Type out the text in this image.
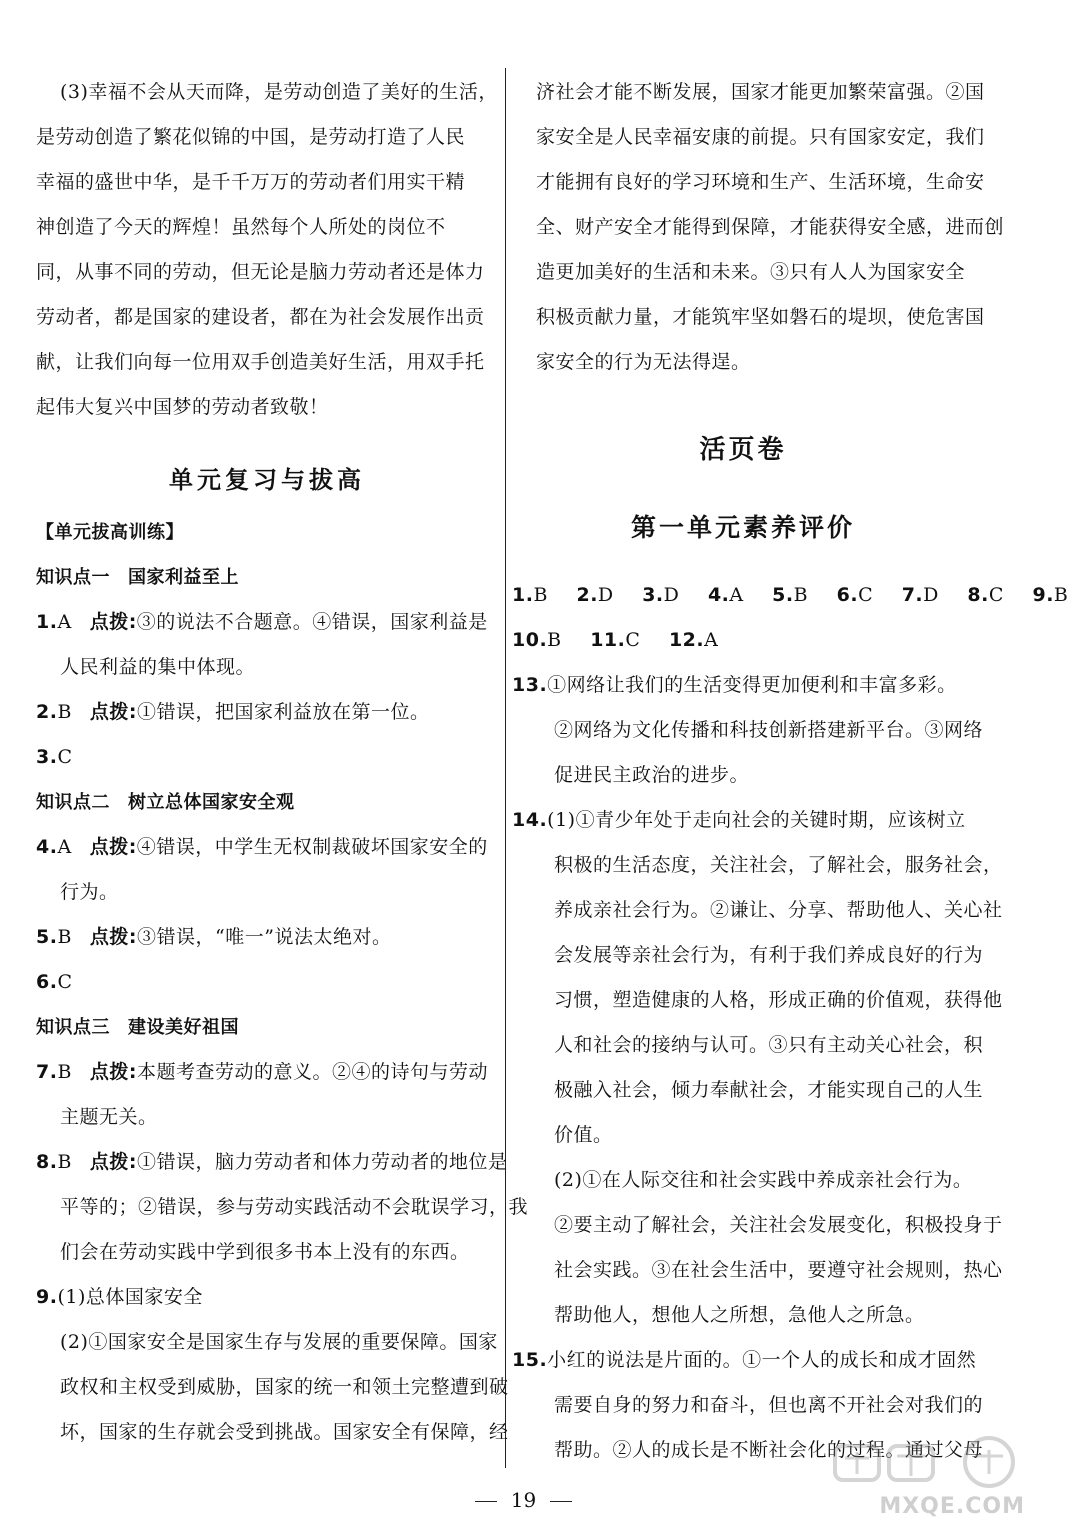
(3)幸福不会从天而降，是劳动创造了美好的生活，
是劳动创造了繁花似锦的中国，是劳动打造了人民
幸福的盛世中华，是千千万万的劳动者们用实干精
神创造了今天的辉煌！虽然每个人所处的岗位不
同，从事不同的劳动，但无论是脑力劳动者还是体力
劳动者，都是国家的建设者，都在为社会发展作出贡
献，让我们向每一位用双手创造美好生活，用双手托
起伟大复兴中国梦的劳动者致敬！
单元复习与拔高
【单元拔高训练】
知识点一 国家利益至上
1.A 点拨:③的说法不合题意。④错误，国家利益是
人民利益的集中体现。
2.B 点拨:①错误，把国家利益放在第一位。
3.C
知识点二 树立总体国家安全观
4.A 点拨:④错误，中学生无权制裁破坏国家安全的
行为。
5.B 点拨:③错误，“唯一”说法太绝对。
6.C
知识点三 建设美好祖国
7.B 点拨:本题考查劳动的意义。②④的诗句与劳动
主题无关。
8.B 点拨:①错误，脑力劳动者和体力劳动者的地位是
平等的；②错误，参与劳动实践活动不会耽误学习，我
们会在劳动实践中学到很多书本上没有的东西。
9.(1)总体国家安全
(2)①国家安全是国家生存与发展的重要保障。国家
政权和主权受到威胁，国家的统一和领土完整遭到破
坏，国家的生存就会受到挑战。国家安全有保障，经
济社会才能不断发展，国家才能更加繁荣富强。②国
家安全是人民幸福安康的前提。只有国家安定，我们
才能拥有良好的学习环境和生产、生活环境，生命安
全、财产安全才能得到保障，才能获得安全感，进而创
造更加美好的生活和未来。③只有人人为国家安全
积极贡献力量，才能筑牢坚如磐石的堤坝，使危害国
家安全的行为无法得逞。
活页卷
第一单元素养评价
1.B 2.D 3.D 4.A 5.B 6.C 7.D 8.C 9.B
10.B 11.C 12.A
13.①网络让我们的生活变得更加便利和丰富多彩。
②网络为文化传播和科技创新搭建新平台。③网络
促进民主政治的进步。
14.(1)①青少年处于走向社会的关键时期，应该树立
积极的生活态度，关注社会，了解社会，服务社会，
养成亲社会行为。②谦让、分享、帮助他人、关心社
会发展等亲社会行为，有利于我们养成良好的行为
习惯，塑造健康的人格，形成正确的价值观，获得他
人和社会的接纳与认可。③只有主动关心社会，积
极融入社会，倾力奉献社会，才能实现自己的人生
价值。
(2)①在人际交往和社会实践中养成亲社会行为。
②要主动了解社会，关注社会发展变化，积极投身于
社会实践。③在社会生活中，要遵守社会规则，热心
帮助他人，想他人之所想，急他人之所急。
15.小红的说法是片面的。①一个人的成长和成才固然
需要自身的努力和奋斗，但也离不开社会对我们的
帮助。②人的成长是不断社会化的过程。通过父母
19	MXQE.COM
